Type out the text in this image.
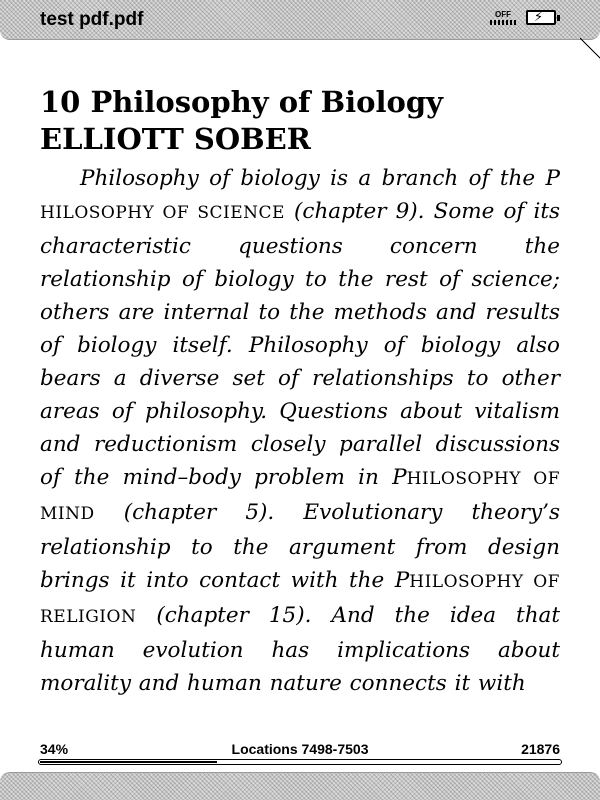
test pdf.pdf	OFF	⚡
10 Philosophy of Biology
ELLIOTT SOBER

Philosophy of biology is a branch of the P HILOSOPHY OF SCIENCE (chapter 9). Some of its characteristic questions concern the relationship of biology to the rest of science; others are internal to the methods and results of biology itself. Philosophy of biology also bears a diverse set of relationships to other areas of philosophy. Questions about vitalism and reductionism closely parallel discussions of the mind–body problem in PHILOSOPHY OF MIND (chapter 5). Evolutionary theory’s relationship to the argument from design brings it into contact with the PHILOSOPHY OF RELIGION (chapter 15). And the idea that human evolution has implications about morality and human nature connects it with

34%	Locations 7498-7503	21876
